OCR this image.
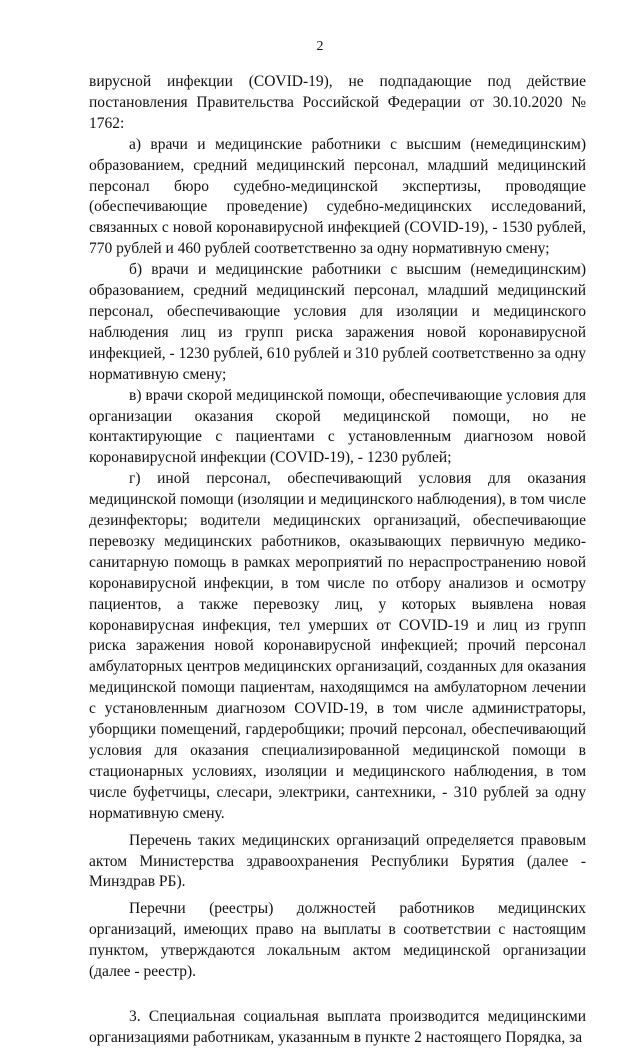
2

вирусной инфекции (COVID-19), не подпадающие под действие постановления Правительства Российской Федерации от 30.10.2020 № 1762:

а) врачи и медицинские работники с высшим (немедицинским) образованием, средний медицинский персонал, младший медицинский персонал бюро судебно-медицинской экспертизы, проводящие (обеспечивающие проведение) судебно-медицинских исследований, связанных с новой коронавирусной инфекцией (COVID-19), - 1530 рублей, 770 рублей и 460 рублей соответственно за одну нормативную смену;

б) врачи и медицинские работники с высшим (немедицинским) образованием, средний медицинский персонал, младший медицинский персонал, обеспечивающие условия для изоляции и медицинского наблюдения лиц из групп риска заражения новой коронавирусной инфекцией, - 1230 рублей, 610 рублей и 310 рублей соответственно за одну нормативную смену;

в) врачи скорой медицинской помощи, обеспечивающие условия для организации оказания скорой медицинской помощи, но не контактирующие с пациентами с установленным диагнозом новой коронавирусной инфекции (COVID-19), - 1230 рублей;

г) иной персонал, обеспечивающий условия для оказания медицинской помощи (изоляции и медицинского наблюдения), в том числе дезинфекторы; водители медицинских организаций, обеспечивающие перевозку медицинских работников, оказывающих первичную медико-санитарную помощь в рамках мероприятий по нераспространению новой коронавирусной инфекции, в том числе по отбору анализов и осмотру пациентов, а также перевозку лиц, у которых выявлена новая коронавирусная инфекция, тел умерших от COVID-19 и лиц из групп риска заражения новой коронавирусной инфекцией; прочий персонал амбулаторных центров медицинских организаций, созданных для оказания медицинской помощи пациентам, находящимся на амбулаторном лечении с установленным диагнозом COVID-19, в том числе администраторы, уборщики помещений, гардеробщики; прочий персонал, обеспечивающий условия для оказания специализированной медицинской помощи в стационарных условиях, изоляции и медицинского наблюдения, в том числе буфетчицы, слесари, электрики, сантехники, - 310 рублей за одну нормативную смену.

Перечень таких медицинских организаций определяется правовым актом Министерства здравоохранения Республики Бурятия (далее - Минздрав РБ).

Перечни (реестры) должностей работников медицинских организаций, имеющих право на выплаты в соответствии с настоящим пунктом, утверждаются локальным актом медицинской организации (далее - реестр).

3. Специальная социальная выплата производится медицинскими организациями работникам, указанным в пункте 2 настоящего Порядка, за
